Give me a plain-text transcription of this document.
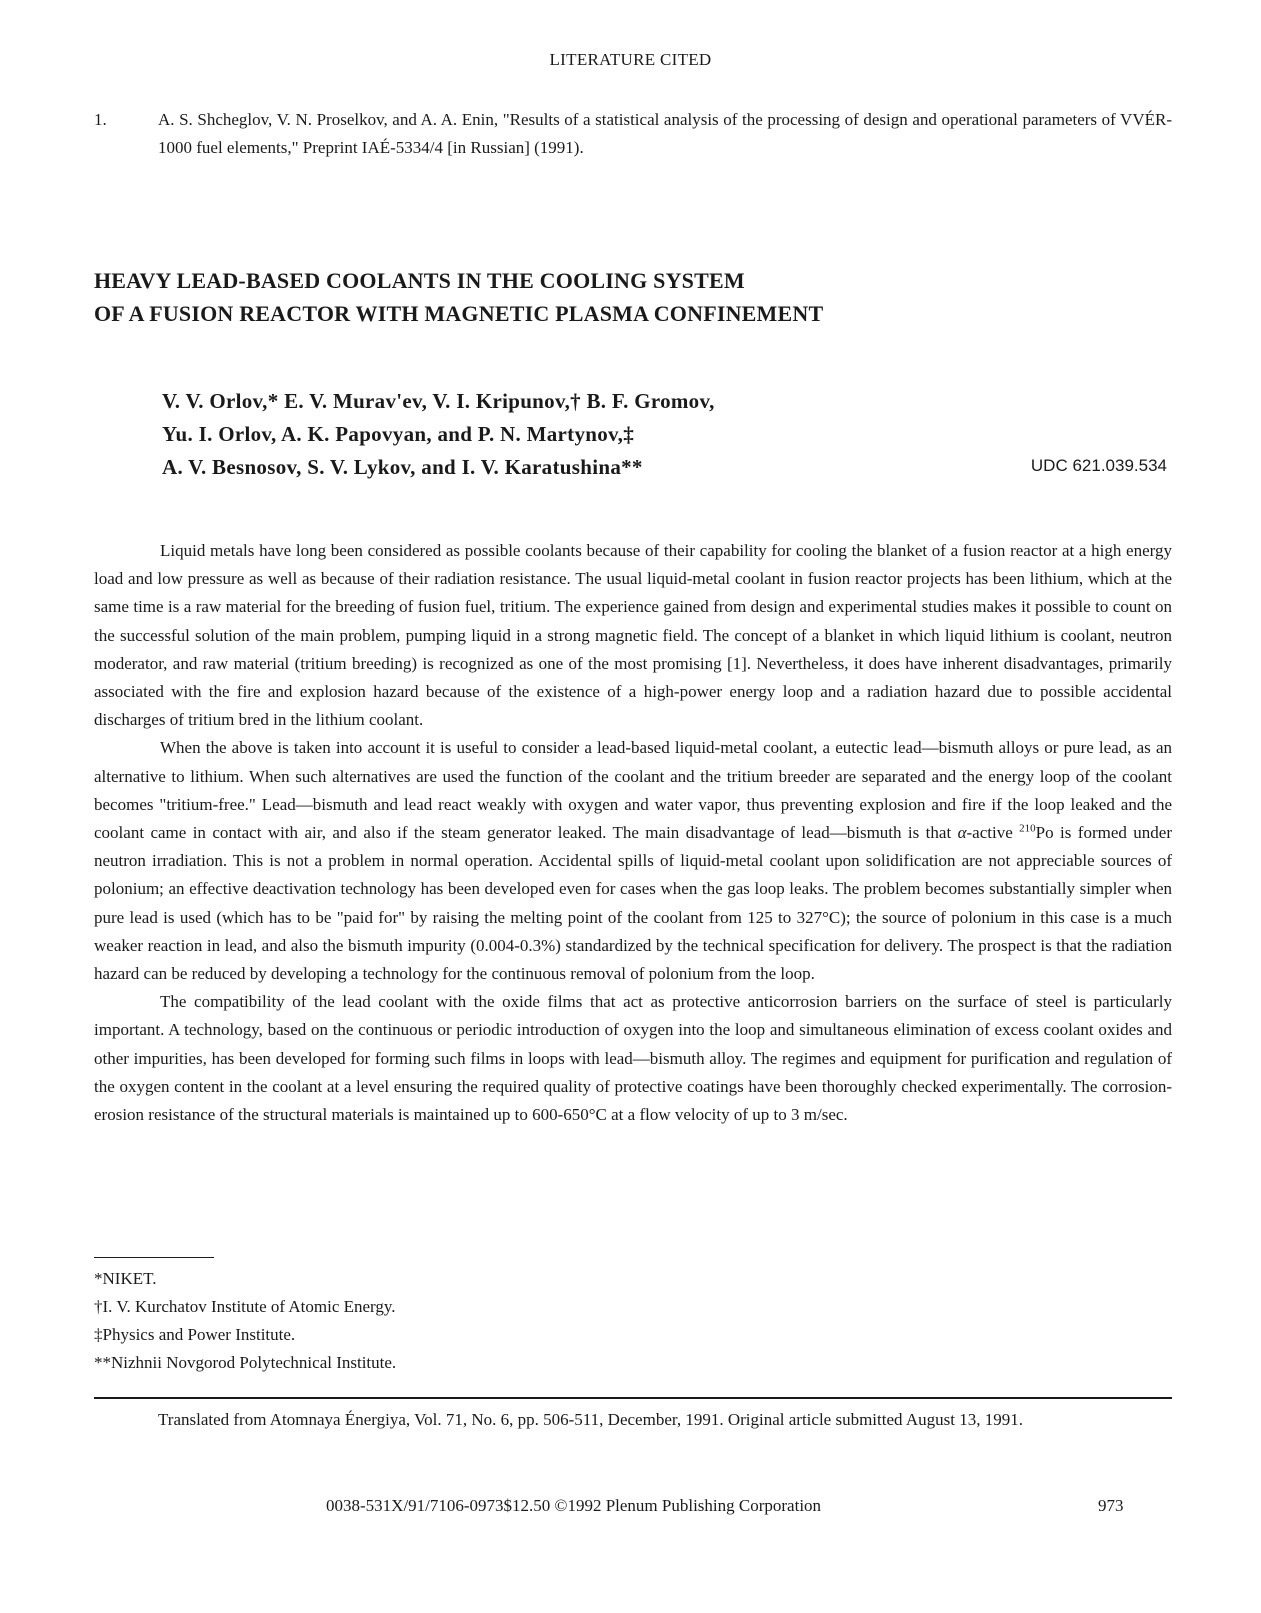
LITERATURE CITED
1.	A. S. Shcheglov, V. N. Proselkov, and A. A. Enin, "Results of a statistical analysis of the processing of design and operational parameters of VVÉR-1000 fuel elements," Preprint IAÉ-5334/4 [in Russian] (1991).
HEAVY LEAD-BASED COOLANTS IN THE COOLING SYSTEM
OF A FUSION REACTOR WITH MAGNETIC PLASMA CONFINEMENT
V. V. Orlov,* E. V. Murav'ev, V. I. Kripunov,† B. F. Gromov,
Yu. I. Orlov, A. K. Papovyan, and P. N. Martynov,‡
A. V. Besnosov, S. V. Lykov, and I. V. Karatushina**	UDC 621.039.534

Liquid metals have long been considered as possible coolants because of their capability for cooling the blanket of a fusion reactor at a high energy load and low pressure as well as because of their radiation resistance. The usual liquid-metal coolant in fusion reactor projects has been lithium, which at the same time is a raw material for the breeding of fusion fuel, tritium. The experience gained from design and experimental studies makes it possible to count on the successful solution of the main problem, pumping liquid in a strong magnetic field. The concept of a blanket in which liquid lithium is coolant, neutron moderator, and raw material (tritium breeding) is recognized as one of the most promising [1]. Nevertheless, it does have inherent disadvantages, primarily associated with the fire and explosion hazard because of the existence of a high-power energy loop and a radiation hazard due to possible accidental discharges of tritium bred in the lithium coolant.

When the above is taken into account it is useful to consider a lead-based liquid-metal coolant, a eutectic lead—bismuth alloys or pure lead, as an alternative to lithium. When such alternatives are used the function of the coolant and the tritium breeder are separated and the energy loop of the coolant becomes "tritium-free." Lead—bismuth and lead react weakly with oxygen and water vapor, thus preventing explosion and fire if the loop leaked and the coolant came in contact with air, and also if the steam generator leaked. The main disadvantage of lead—bismuth is that α-active $^{210}$Po is formed under neutron irradiation. This is not a problem in normal operation. Accidental spills of liquid-metal coolant upon solidification are not appreciable sources of polonium; an effective deactivation technology has been developed even for cases when the gas loop leaks. The problem becomes substantially simpler when pure lead is used (which has to be "paid for" by raising the melting point of the coolant from 125 to 327°C); the source of polonium in this case is a much weaker reaction in lead, and also the bismuth impurity (0.004-0.3%) standardized by the technical specification for delivery. The prospect is that the radiation hazard can be reduced by developing a technology for the continuous removal of polonium from the loop.

The compatibility of the lead coolant with the oxide films that act as protective anticorrosion barriers on the surface of steel is particularly important. A technology, based on the continuous or periodic introduction of oxygen into the loop and simultaneous elimination of excess coolant oxides and other impurities, has been developed for forming such films in loops with lead—bismuth alloy. The regimes and equipment for purification and regulation of the oxygen content in the coolant at a level ensuring the required quality of protective coatings have been thoroughly checked experimentally. The corrosion-erosion resistance of the structural materials is maintained up to 600-650°C at a flow velocity of up to 3 m/sec.

*NIKET.
†I. V. Kurchatov Institute of Atomic Energy.
‡Physics and Power Institute.
**Nizhnii Novgorod Polytechnical Institute.
Translated from Atomnaya Énergiya, Vol. 71, No. 6, pp. 506-511, December, 1991. Original article submitted August 13, 1991.
0038-531X/91/7106-0973$12.50 ©1992 Plenum Publishing Corporation	973
